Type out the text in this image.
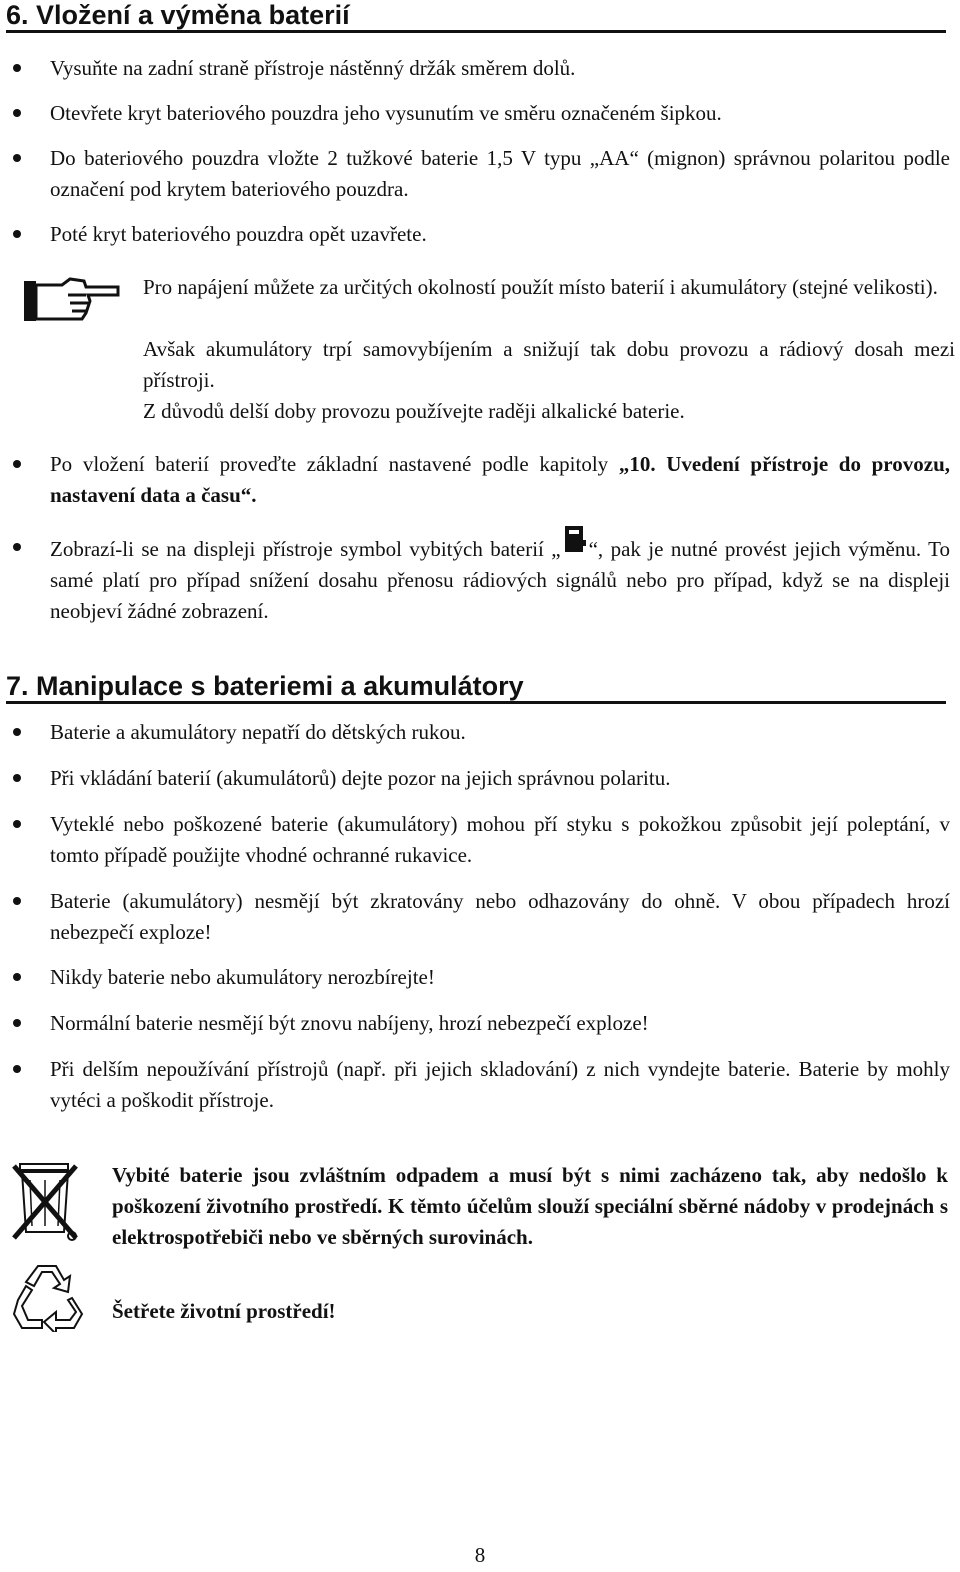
6. Vložení a výměna baterií
Vysuňte na zadní straně přístroje nástěnný držák směrem dolů.
Otevřete kryt bateriového pouzdra jeho vysunutím ve směru označeném šipkou.
Do bateriového pouzdra vložte 2 tužkové baterie 1,5 V typu „AA“ (mignon) správnou polaritou podle označení pod krytem bateriového pouzdra.
Poté kryt bateriového pouzdra opět uzavřete.
Pro napájení můžete za určitých okolností použít místo baterií i akumulátory (stejné velikosti).
Avšak akumulátory trpí samovybíjením a snižují tak dobu provozu a rádiový dosah mezi přístroji.
Z důvodů delší doby provozu používejte raději alkalické baterie.
Po vložení baterií proveďte základní nastavené podle kapitoly „10. Uvedení přístroje do provozu, nastavení data a času“.
Zobrazí-li se na displeji přístroje symbol vybitých baterií „ “, pak je nutné provést jejich výměnu. To samé platí pro případ snížení dosahu přenosu rádiových signálů nebo pro případ, když se na displeji neobjeví žádné zobrazení.
7. Manipulace s bateriemi a akumulátory
Baterie a akumulátory nepatří do dětských rukou.
Při vkládání baterií (akumulátorů) dejte pozor na jejich správnou polaritu.
Vyteklé nebo poškozené baterie (akumulátory) mohou pří styku s pokožkou způsobit její poleptání, v tomto případě použijte vhodné ochranné rukavice.
Baterie (akumulátory) nesmějí být zkratovány nebo odhazovány do ohně. V obou případech hrozí nebezpečí exploze!
Nikdy baterie nebo akumulátory nerozbírejte!
Normální baterie nesmějí být znovu nabíjeny, hrozí nebezpečí exploze!
Při delším nepoužívání přístrojů (např. při jejich skladování) z nich vyndejte baterie. Baterie by mohly vytéci a poškodit přístroje.
Vybité baterie jsou zvláštním odpadem a musí být s nimi zacházeno tak, aby nedošlo k poškození životního prostředí. K těmto účelům slouží speciální sběrné nádoby v prodejnách s elektrospotřebiči nebo ve sběrných surovinách.
Šetřete životní prostředí!
8
